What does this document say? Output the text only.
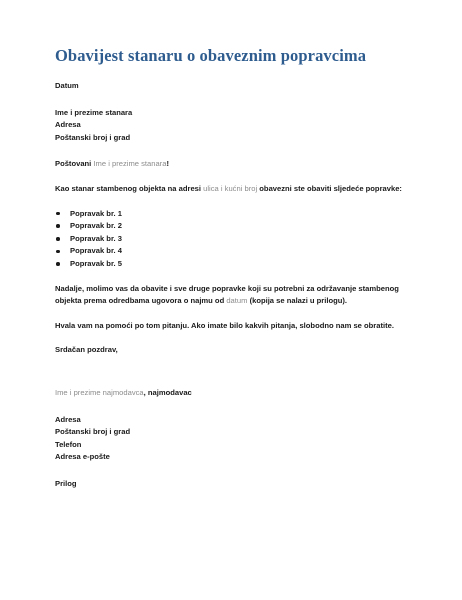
Obavijest stanaru o obaveznim popravcima

Datum

Ime i prezime stanara

Adresa

Poštanski broj i grad

Poštovani Ime i prezime stanara!

Kao stanar stambenog objekta na adresi ulica i kućni broj obavezni ste obaviti sljedeće popravke:

Popravak br. 1
Popravak br. 2
Popravak br. 3
Popravak br. 4
Popravak br. 5

Nadalje, molimo vas da obavite i sve druge popravke koji su potrebni za održavanje stambenog objekta prema odredbama ugovora o najmu od datum (kopija se nalazi u prilogu).

Hvala vam na pomoći po tom pitanju. Ako imate bilo kakvih pitanja, slobodno nam se obratite.

Srdačan pozdrav,

Ime i prezime najmodavca, najmodavac

Adresa

Poštanski broj i grad

Telefon

Adresa e-pošte

Prilog
